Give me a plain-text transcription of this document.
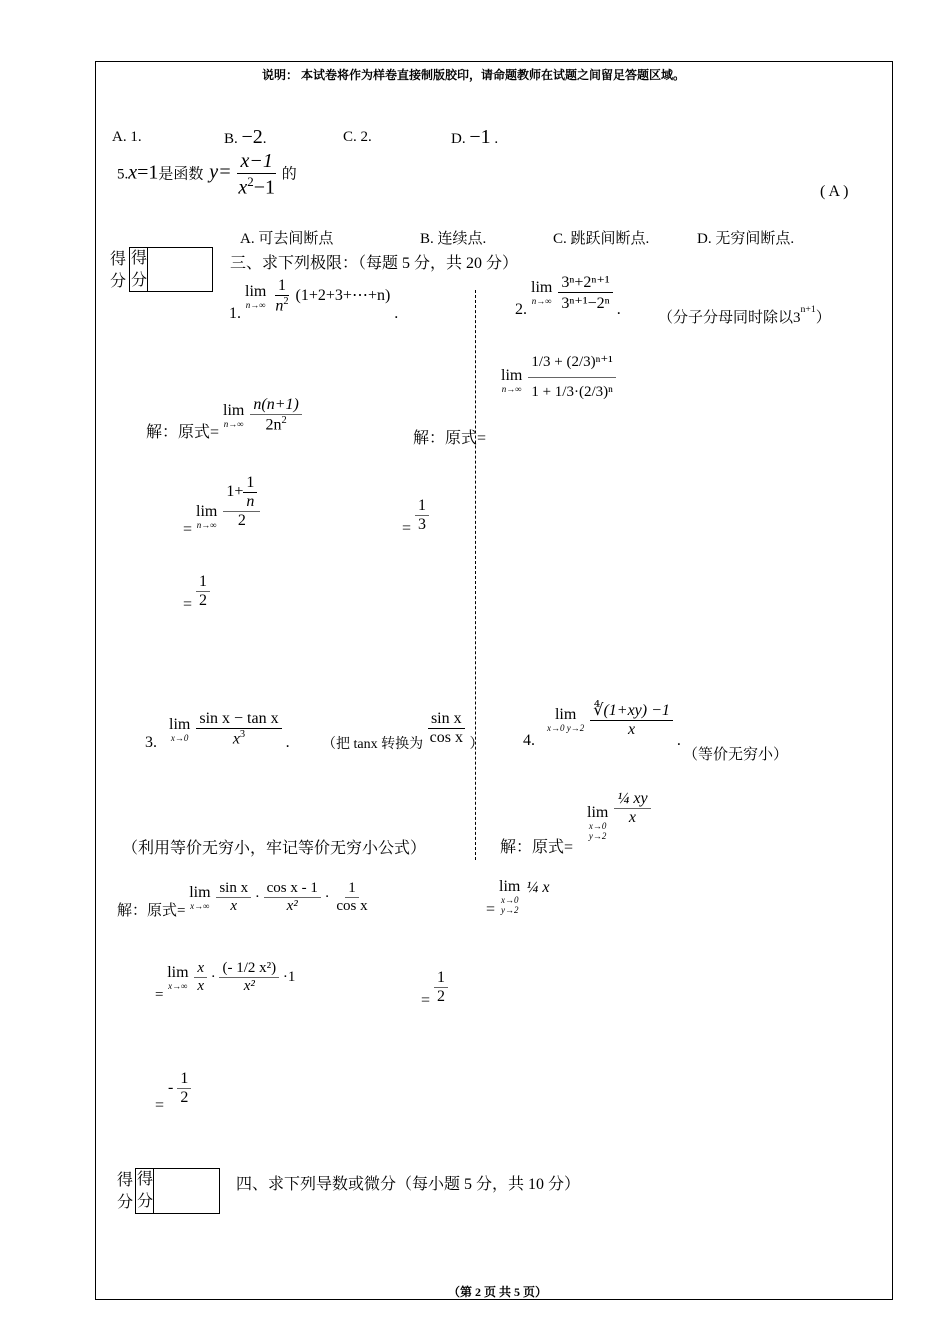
说明： 本试卷将作为样卷直接制版胶印，请命题教师在试题之间留足答题区域。
A. 1.	B. −2.	C. 2.	D. −1 .
5.x=1是函数 $y= \frac{x-1}{x^2-1}$ 的
( A )
A. 可去间断点	B. 连续点.	C. 跳跃间断点.	D. 无穷间断点.
得分
得分
三、求下列极限：（每题 5 分，共 20 分）
1.
lim
n→∞
$\frac{1}{n^2}$ (1+2+3+⋯+n) .	2.
lim
n→∞
$\frac{\text{3ⁿ+2ⁿ⁺¹}}{\text{3ⁿ⁺¹−2ⁿ}}$ . （分子分母同时除以$3^{n+1}$）
解：原式=
lim
n→∞
$\frac{n(n+1)}{2n^2}$
=
lim
n→∞
$\frac{1+ \frac{1}{n}}{2}$
= $\frac{1}{2}$
解：原式=
lim
n→∞
$\frac{\text{1/3 + (2/3)ⁿ⁺¹}}{\text{1 + 1/3·(2/3)ⁿ}}$
= $\frac{1}{3}$
3.
lim
x→0
$\frac{\text{sin x − tan x}}{x^3}$ . （把 tanx 转换为 $\frac{\text{sin x}}{\text{cos x}}$ ） 4.
lim
x→0 y→2
$\frac{∜(1+xy) -1}{x}$
.
（等价无穷小）
解：原式=
lim
x→0
y→2

$\frac{\text{¼ xy}}{x}$
=
lim
x→0
y→2
¼ x
= $\frac{1}{2}$
（利用等价无穷小，牢记等价无穷小公式）
解：原式=
lim
x→∞
$\frac{\text{sin x}}{x} \cdot \frac{\text{cos x - 1}}{\text{x²}} \cdot \frac{1}{\text{cos x}}$
=
lim
x→∞
$\frac{x}{x} \cdot \frac{\text{(- 1/2 x²)}}{\text{x²}} \cdot 1$
= - $\frac{1}{2}$
得分
得分
四、求下列导数或微分（每小题 5 分，共 10 分）
（第 2 页 共 5 页）
